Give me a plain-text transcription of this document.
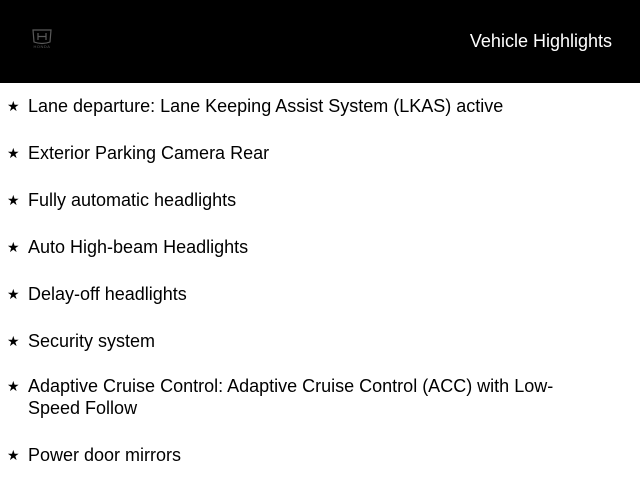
HONDA	Vehicle Highlights
★ Lane departure: Lane Keeping Assist System (LKAS) active
★ Exterior Parking Camera Rear
★ Fully automatic headlights
★ Auto High-beam Headlights
★ Delay-off headlights
★ Security system
★ Adaptive Cruise Control: Adaptive Cruise Control (ACC) with Low-Speed Follow
★ Power door mirrors
